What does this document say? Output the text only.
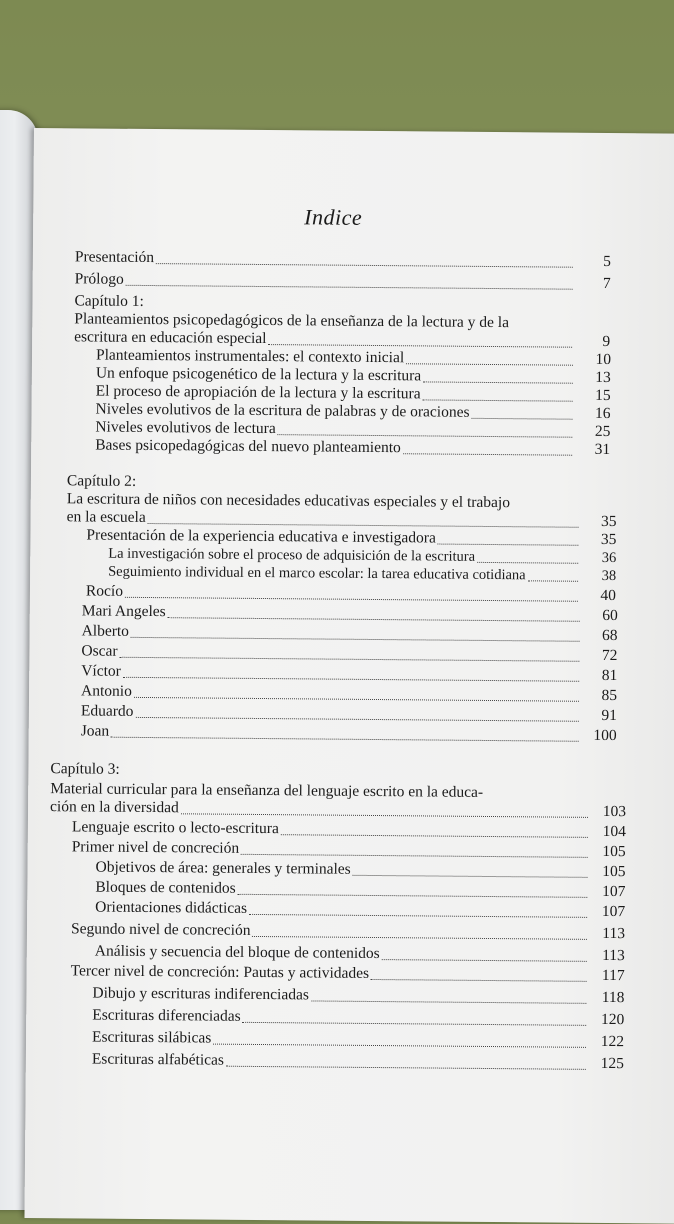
Indice
Presentación	5
Prólogo	7
Capítulo 1:
Planteamientos psicopedagógicos de la enseñanza de la lectura y de la
escritura en educación especial	9
Planteamientos instrumentales: el contexto inicial	10
Un enfoque psicogenético de la lectura y la escritura	13
El proceso de apropiación de la lectura y la escritura	15
Niveles evolutivos de la escritura de palabras y de oraciones	16
Niveles evolutivos de lectura	25
Bases psicopedagógicas del nuevo planteamiento	31
Capítulo 2:
La escritura de niños con necesidades educativas especiales y el trabajo
en la escuela	35
Presentación de la experiencia educativa e investigadora	35
La investigación sobre el proceso de adquisición de la escritura	36
Seguimiento individual en el marco escolar: la tarea educativa cotidiana	38
Rocío	40
Mari Angeles	60
Alberto	68
Oscar	72
Víctor	81
Antonio	85
Eduardo	91
Joan	100
Capítulo 3:
Material curricular para la enseñanza del lenguaje escrito en la educa-
ción en la diversidad	103
Lenguaje escrito o lecto-escritura	104
Primer nivel de concreción	105
Objetivos de área: generales y terminales	105
Bloques de contenidos	107
Orientaciones didácticas	107
Segundo nivel de concreción	113
Análisis y secuencia del bloque de contenidos	113
Tercer nivel de concreción: Pautas y actividades	117
Dibujo y escrituras indiferenciadas	118
Escrituras diferenciadas	120
Escrituras silábicas	122
Escrituras alfabéticas	125
